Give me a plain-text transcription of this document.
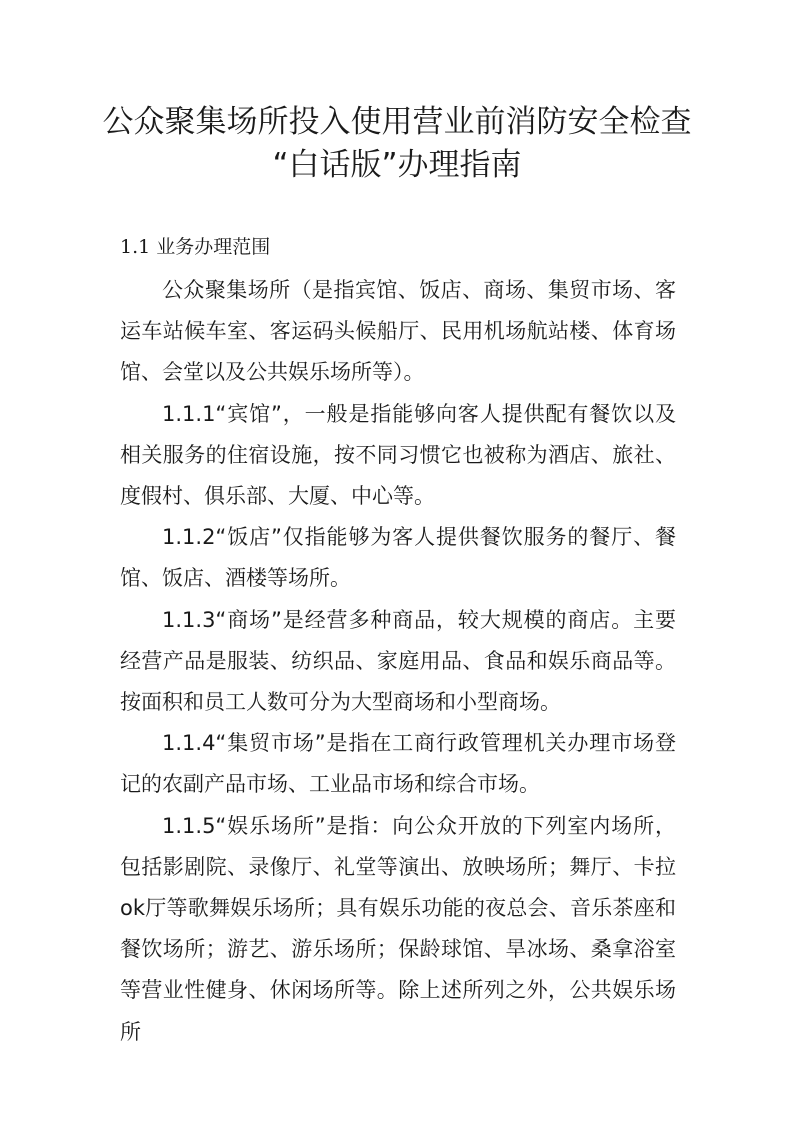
公众聚集场所投入使用营业前消防安全检查
“白话版”办理指南
1.1 业务办理范围

公众聚集场所（是指宾馆、饭店、商场、集贸市场、客运车站候车室、客运码头候船厅、民用机场航站楼、体育场馆、会堂以及公共娱乐场所等）。

1.1.1“宾馆”，一般是指能够向客人提供配有餐饮以及相关服务的住宿设施，按不同习惯它也被称为酒店、旅社、度假村、俱乐部、大厦、中心等。

1.1.2“饭店”仅指能够为客人提供餐饮服务的餐厅、餐馆、饭店、酒楼等场所。

1.1.3“商场”是经营多种商品，较大规模的商店。主要经营产品是服装、纺织品、家庭用品、食品和娱乐商品等。按面积和员工人数可分为大型商场和小型商场。

1.1.4“集贸市场”是指在工商行政管理机关办理市场登记的农副产品市场、工业品市场和综合市场。

1.1.5“娱乐场所”是指：向公众开放的下列室内场所，包括影剧院、录像厅、礼堂等演出、放映场所；舞厅、卡拉ok厅等歌舞娱乐场所；具有娱乐功能的夜总会、音乐茶座和餐饮场所；游艺、游乐场所；保龄球馆、旱冰场、桑拿浴室等营业性健身、休闲场所等。除上述所列之外，公共娱乐场所
